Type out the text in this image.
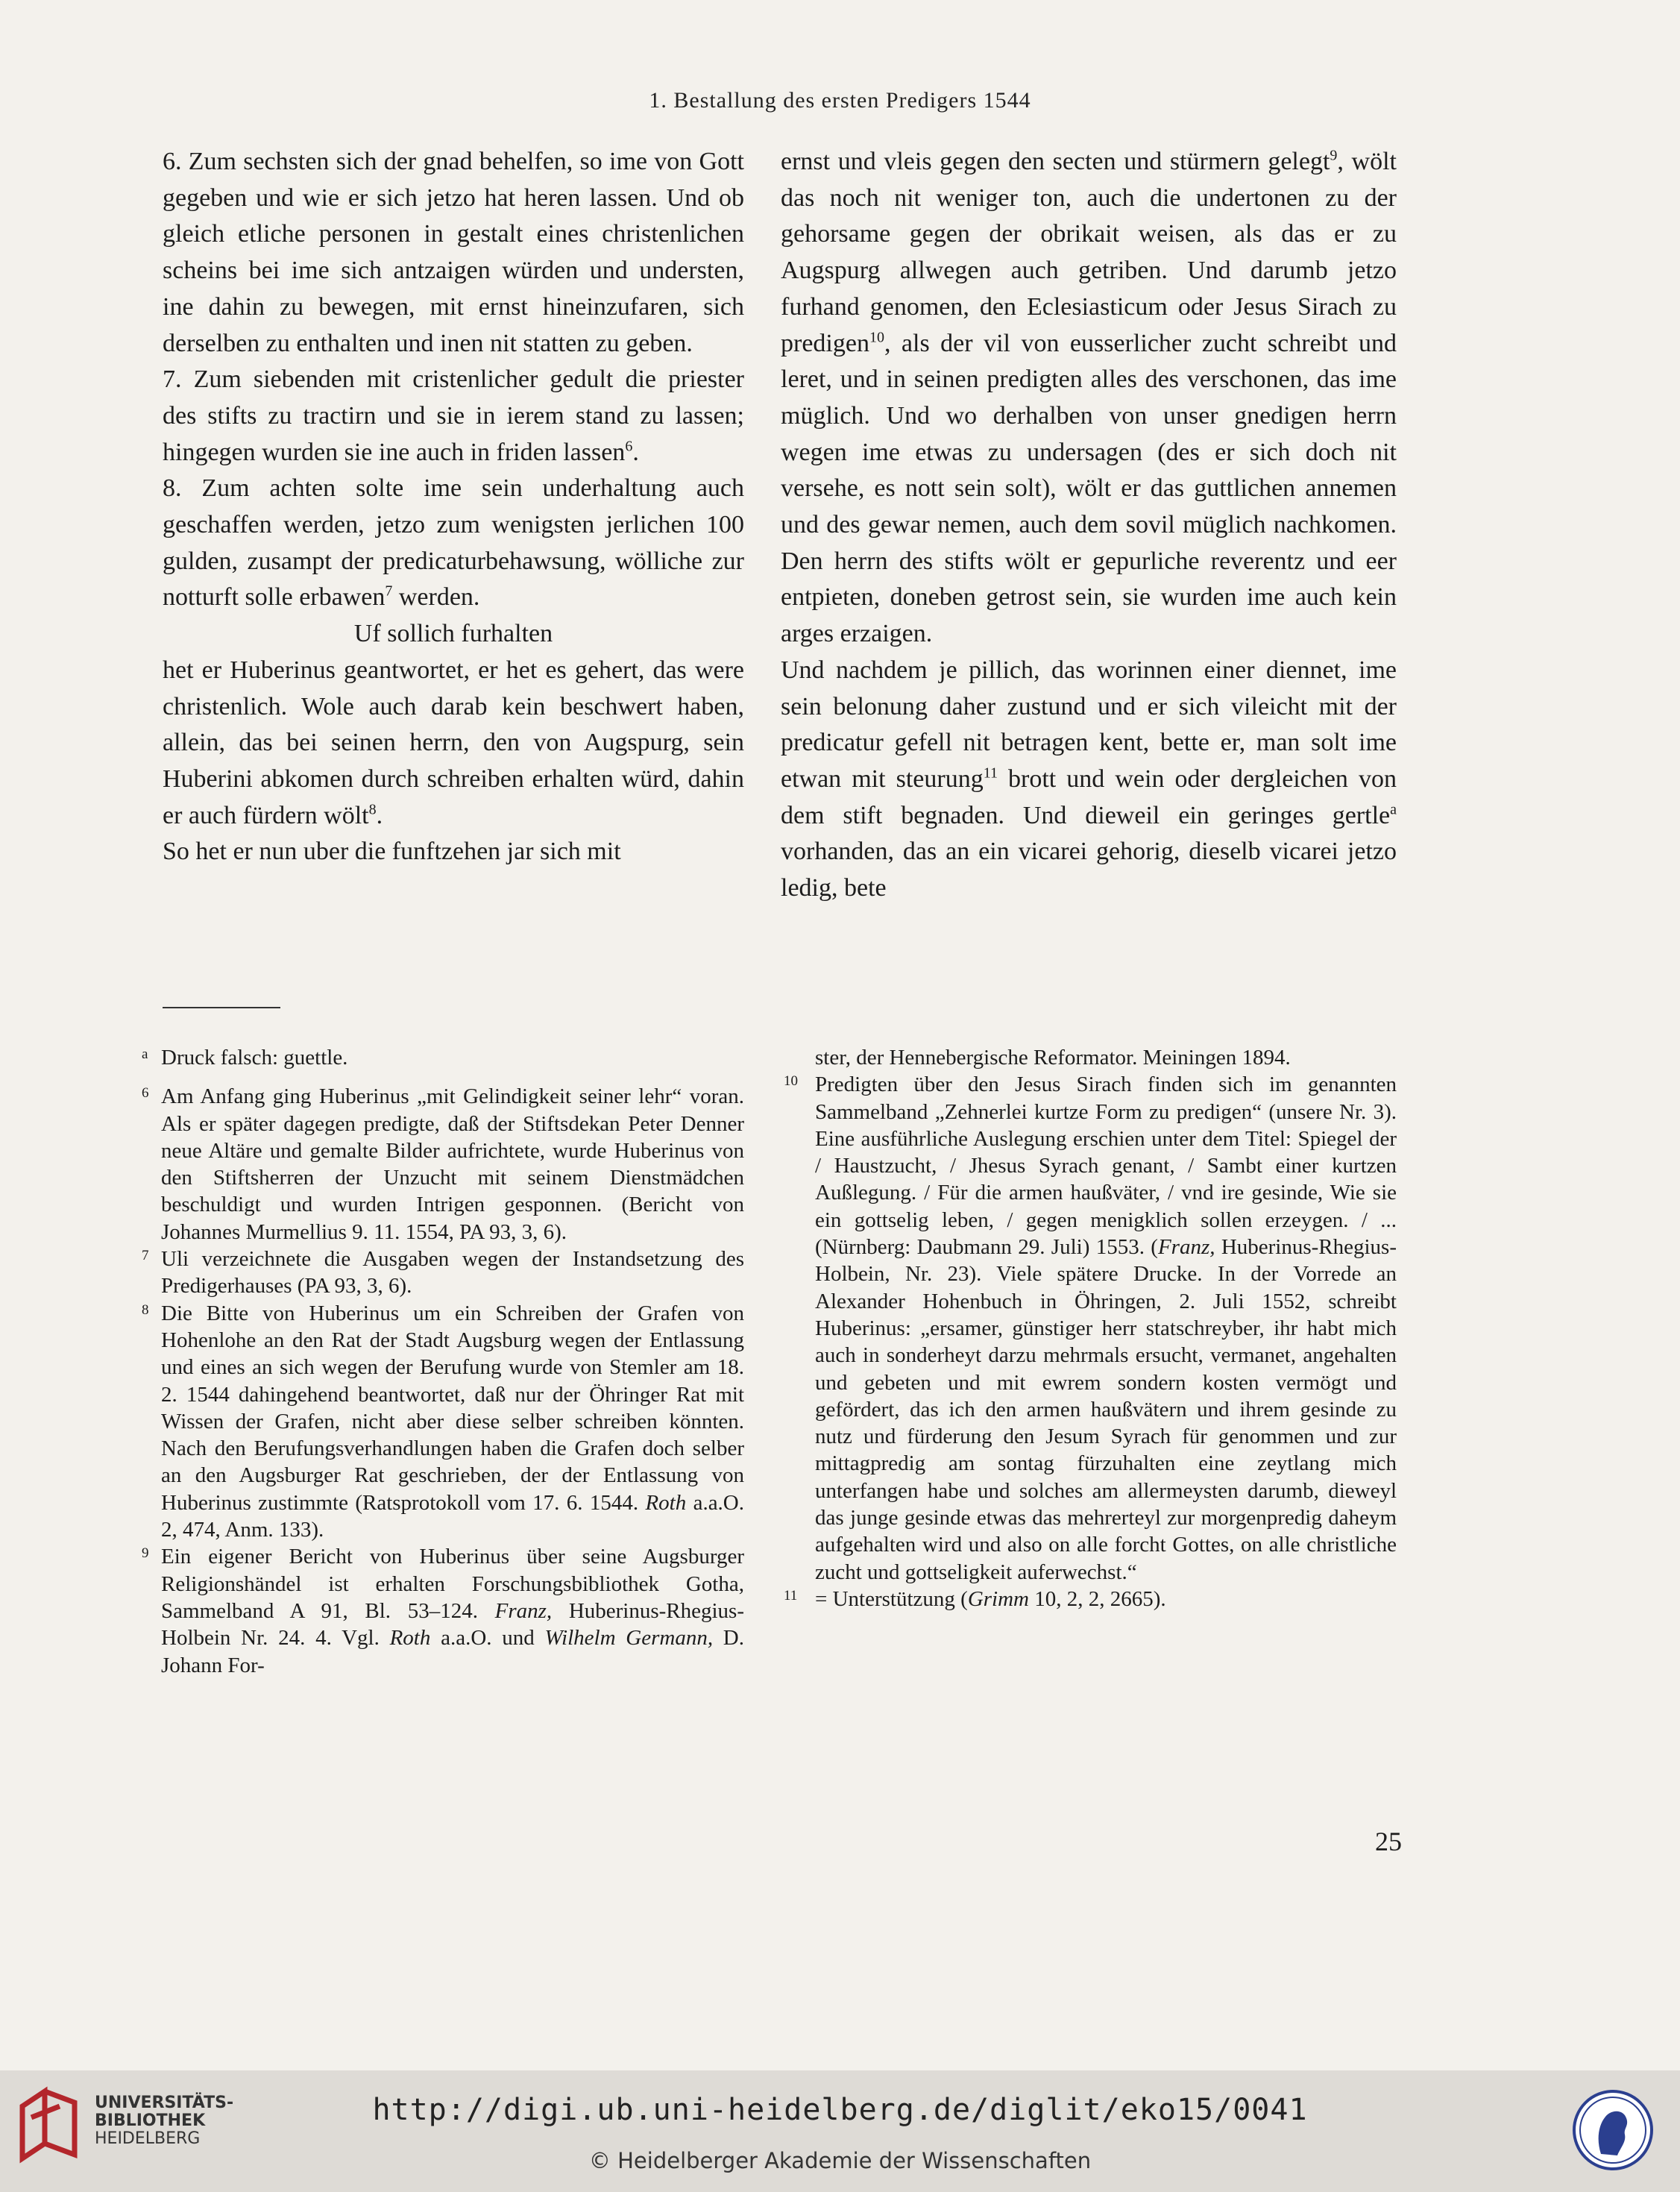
1. Bestallung des ersten Predigers 1544

6. Zum sechsten sich der gnad behelfen, so ime von Gott gegeben und wie er sich jetzo hat heren lassen. Und ob gleich etliche personen in gestalt eines christenlichen scheins bei ime sich antzaigen würden und understen, ine dahin zu bewegen, mit ernst hineinzufaren, sich derselben zu enthalten und inen nit statten zu geben.

7. Zum siebenden mit cristenlicher gedult die priester des stifts zu tractirn und sie in ierem stand zu lassen; hingegen wurden sie ine auch in friden lassen$^6$.

8. Zum achten solte ime sein underhaltung auch geschaffen werden, jetzo zum wenigsten jerlichen 100 gulden, zusampt der predicaturbehawsung, wölliche zur notturft solle erbawen$^7$ werden.

Uf sollich furhalten

het er Huberinus geantwortet, er het es gehert, das were christenlich. Wole auch darab kein beschwert haben, allein, das bei seinen herrn, den von Augspurg, sein Huberini abkomen durch schreiben erhalten würd, dahin er auch fürdern wölt$^8$.

So het er nun uber die funftzehen jar sich mit

ernst und vleis gegen den secten und stürmern gelegt$^9$, wölt das noch nit weniger ton, auch die undertonen zu der gehorsame gegen der obrikait weisen, als das er zu Augspurg allwegen auch getriben. Und darumb jetzo furhand genomen, den Eclesiasticum oder Jesus Sirach zu predigen$^{10}$, als der vil von eusserlicher zucht schreibt und leret, und in seinen predigten alles des verschonen, das ime müglich. Und wo derhalben von unser gnedigen herrn wegen ime etwas zu undersagen (des er sich doch nit versehe, es nott sein solt), wölt er das guttlichen annemen und des gewar nemen, auch dem sovil müglich nachkomen. Den herrn des stifts wölt er gepurliche reverentz und eer entpieten, doneben getrost sein, sie wurden ime auch kein arges erzaigen.

Und nachdem je pillich, das worinnen einer diennet, ime sein belonung daher zustund und er sich vileicht mit der predicatur gefell nit betragen kent, bette er, man solt ime etwan mit steurung$^{11}$ brott und wein oder dergleichen von dem stift begnaden. Und dieweil ein geringes gertle$^a$ vorhanden, das an ein vicarei gehorig, dieselb vicarei jetzo ledig, bete

a Druck falsch: guettle.

6 Am Anfang ging Huberinus „mit Gelindigkeit seiner lehr“ voran. Als er später dagegen predigte, daß der Stiftsdekan Peter Denner neue Altäre und gemalte Bilder aufrichtete, wurde Huberinus von den Stiftsherren der Unzucht mit seinem Dienstmädchen beschuldigt und wurden Intrigen gesponnen. (Bericht von Johannes Murmellius 9. 11. 1554, PA 93, 3, 6).

7 Uli verzeichnete die Ausgaben wegen der Instandsetzung des Predigerhauses (PA 93, 3, 6).

8 Die Bitte von Huberinus um ein Schreiben der Grafen von Hohenlohe an den Rat der Stadt Augsburg wegen der Entlassung und eines an sich wegen der Berufung wurde von Stemler am 18. 2. 1544 dahingehend beantwortet, daß nur der Öhringer Rat mit Wissen der Grafen, nicht aber diese selber schreiben könnten. Nach den Berufungsverhandlungen haben die Grafen doch selber an den Augsburger Rat geschrieben, der der Entlassung von Huberinus zustimmte (Ratsprotokoll vom 17. 6. 1544. Roth a.a.O. 2, 474, Anm. 133).

9 Ein eigener Bericht von Huberinus über seine Augsburger Religionshändel ist erhalten Forschungsbibliothek Gotha, Sammelband A 91, Bl. 53–124. Franz, Huberinus-Rhegius-Holbein Nr. 24. 4. Vgl. Roth a.a.O. und Wilhelm Germann, D. Johann For-

ster, der Hennebergische Reformator. Meiningen 1894.

10 Predigten über den Jesus Sirach finden sich im genannten Sammelband „Zehnerlei kurtze Form zu predigen“ (unsere Nr. 3). Eine ausführliche Auslegung erschien unter dem Titel: Spiegel der / Haustzucht, / Jhesus Syrach genant, / Sambt einer kurtzen Außlegung. / Für die armen haußväter, / vnd ire gesinde, Wie sie ein gottselig leben, / gegen menigklich sollen erzeygen. / ... (Nürnberg: Daubmann 29. Juli) 1553. (Franz, Huberinus-Rhegius-Holbein, Nr. 23). Viele spätere Drucke. In der Vorrede an Alexander Hohenbuch in Öhringen, 2. Juli 1552, schreibt Huberinus: „ersamer, günstiger herr statschreyber, ihr habt mich auch in sonderheyt darzu mehrmals ersucht, vermanet, angehalten und gebeten und mit ewrem sondern kosten vermögt und gefördert, das ich den armen haußvätern und ihrem gesinde zu nutz und fürderung den Jesum Syrach für genommen und zur mittagpredig am sontag fürzuhalten eine zeytlang mich unterfangen habe und solches am allermeysten darumb, dieweyl das junge gesinde etwas das mehrerteyl zur morgenpredig daheym aufgehalten wird und also on alle forcht Gottes, on alle christliche zucht und gottseligkeit auferwechst.“

11 = Unterstützung (Grimm 10, 2, 2, 2665).

25
UNIVERSITÄTS-
BIBLIOTHEK
HEIDELBERG
http://digi.ub.uni-heidelberg.de/diglit/eko15/0041
© Heidelberger Akademie der Wissenschaften
